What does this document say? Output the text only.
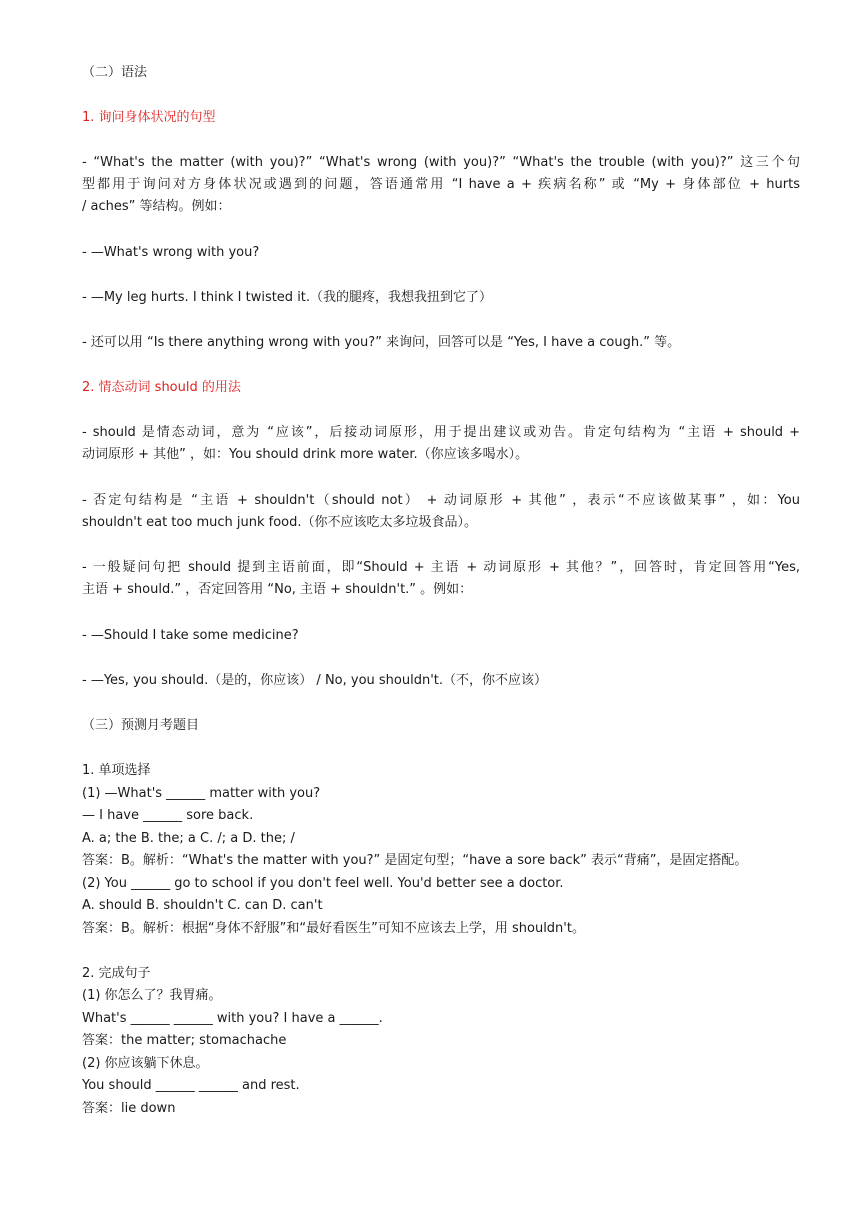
（二）语法
1. 询问身体状况的句型
- “What's the matter (with you)?” “What's wrong (with you)?” “What's the trouble (with you)?” 这三个句
型都用于询问对方身体状况或遇到的问题，答语通常用 “I have a + 疾病名称” 或 “My + 身体部位 + hurts
/ aches” 等结构。例如：
- —What's wrong with you?
- —My leg hurts. I think I twisted it.（我的腿疼，我想我扭到它了）
- 还可以用 “Is there anything wrong with you?” 来询问，回答可以是 “Yes, I have a cough.” 等。
2. 情态动词 should 的用法
- should 是情态动词，意为 “应该”，后接动词原形，用于提出建议或劝告。肯定句结构为 “主语 + should +
动词原形 + 其他” ，如：You should drink more water.（你应该多喝水）。
- 否定句结构是 “主语 + shouldn't（should not） + 动词原形 + 其他” ，表示“不应该做某事” ，如：You
shouldn't eat too much junk food.（你不应该吃太多垃圾食品）。
- 一般疑问句把 should 提到主语前面，即“Should + 主语 + 动词原形 + 其他？”，回答时，肯定回答用“Yes,
主语 + should.” ，否定回答用 “No, 主语 + shouldn't.” 。例如：
- —Should I take some medicine?
- —Yes, you should.（是的，你应该） / No, you shouldn't.（不，你不应该）
（三）预测月考题目
1. 单项选择
(1) —What's ______ matter with you?
— I have ______ sore back.
A. a; the B. the; a C. /; a D. the; /
答案：B。解析：“What's the matter with you?” 是固定句型；“have a sore back” 表示“背痛”，是固定搭配。
(2) You ______ go to school if you don't feel well. You'd better see a doctor.
A. should B. shouldn't C. can D. can't
答案：B。解析：根据“身体不舒服”和“最好看医生”可知不应该去上学，用 shouldn't。
2. 完成句子
(1) 你怎么了？我胃痛。
What's ______ ______ with you? I have a ______.
答案：the matter; stomachache
(2) 你应该躺下休息。
You should ______ ______ and rest.
答案：lie down
